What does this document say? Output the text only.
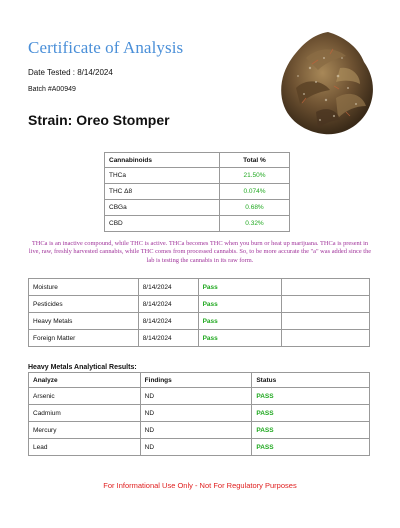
Certificate of Analysis
Date Tested : 8/14/2024
Batch #A00949
Strain: Oreo Stomper
Cannabinoids	Total %
THCa	21.50%
THC Δ8	0.074%
CBGa	0.68%
CBD	0.32%
THCa is an inactive compound, while THC is active. THCa becomes THC when you burn or heat up marijuana. THCa is present in live, raw, freshly harvested cannabis, while THC comes from processed cannabis. So, to be more accurate the "a" was added since the lab is testing the cannabis in its raw form.
Moisture	8/14/2024	Pass	
Pesticides	8/14/2024	Pass	
Heavy Metals	8/14/2024	Pass	
Foreign Matter	8/14/2024	Pass	
Heavy Metals Analytical Results:
Analyze	Findings	Status
Arsenic	ND	PASS
Cadmium	ND	PASS
Mercury	ND	PASS
Lead	ND	PASS
For Informational Use Only - Not For Regulatory Purposes
